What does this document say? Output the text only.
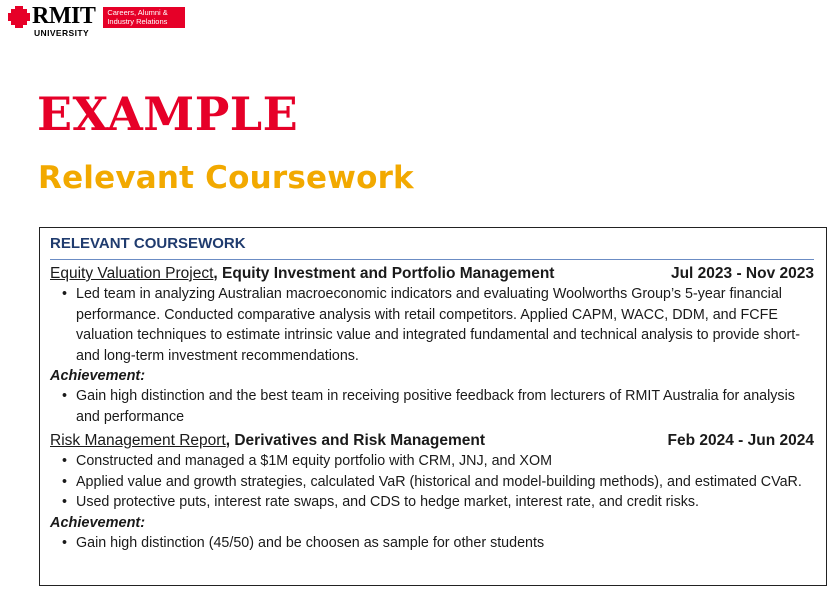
RMIT
UNIVERSITY
Careers, Alumni &
Industry Relations
EXAMPLE
Relevant Coursework
RELEVANT COURSEWORK
Equity Valuation Project, Equity Investment and Portfolio Management	Jul 2023 - Nov 2023
• Led team in analyzing Australian macroeconomic indicators and evaluating Woolworths Group’s 5-year financial performance. Conducted comparative analysis with retail competitors. Applied CAPM, WACC, DDM, and FCFE valuation techniques to estimate intrinsic value and integrated fundamental and technical analysis to provide short- and long-term investment recommendations.
Achievement:
• Gain high distinction and the best team in receiving positive feedback from lecturers of RMIT Australia for analysis and performance
Risk Management Report, Derivatives and Risk Management	Feb 2024 - Jun 2024
• Constructed and managed a $1M equity portfolio with CRM, JNJ, and XOM
• Applied value and growth strategies, calculated VaR (historical and model-building methods), and estimated CVaR.
• Used protective puts, interest rate swaps, and CDS to hedge market, interest rate, and credit risks.
Achievement:
• Gain high distinction (45/50) and be choosen as sample for other students
